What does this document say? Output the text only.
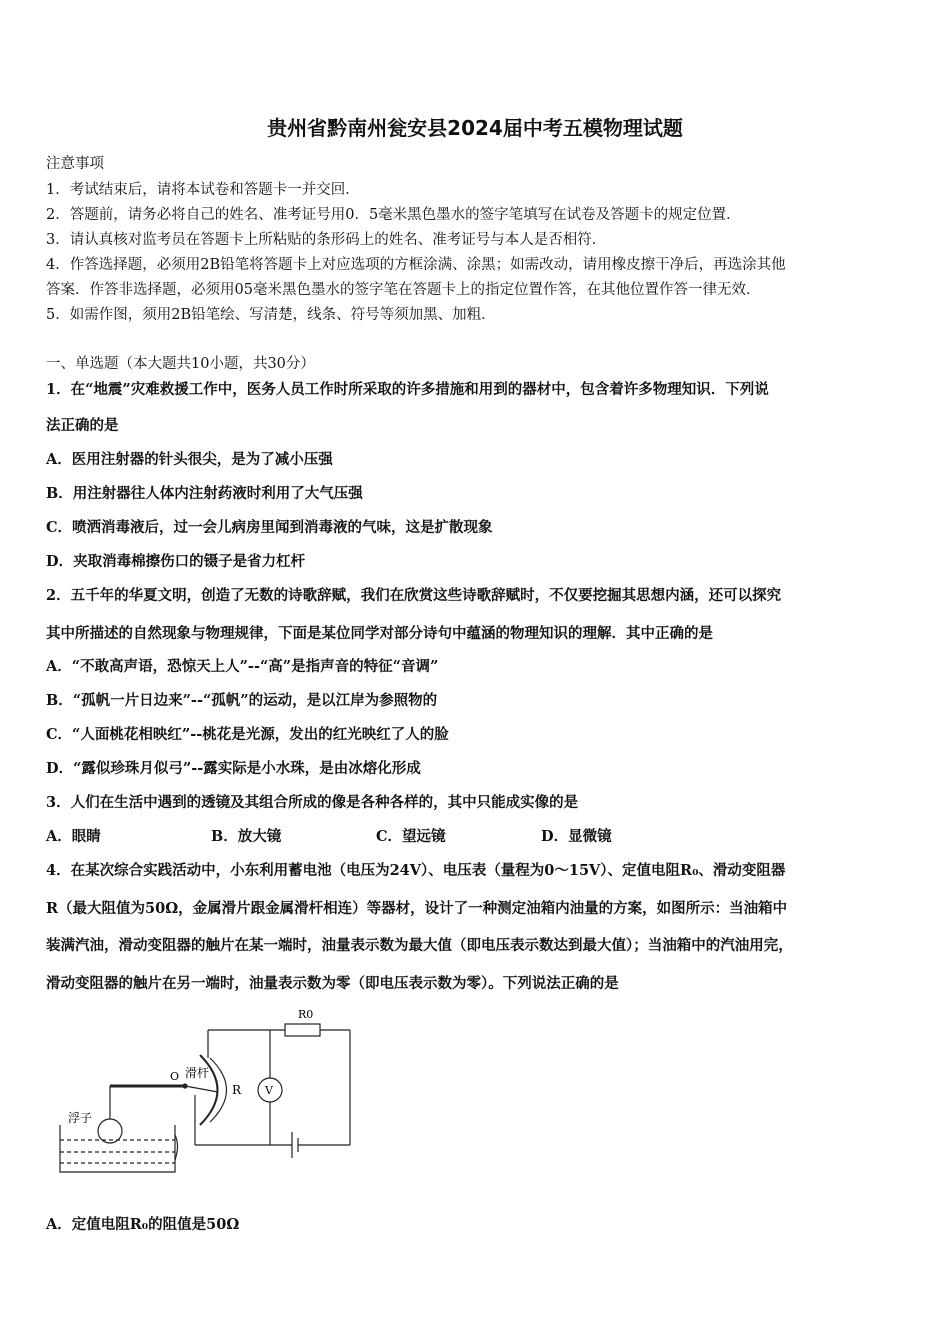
贵州省黔南州瓮安县2024届中考五模物理试题
注意事项
1．考试结束后，请将本试卷和答题卡一并交回．
2．答题前，请务必将自己的姓名、准考证号用0．5毫米黑色墨水的签字笔填写在试卷及答题卡的规定位置．
3．请认真核对监考员在答题卡上所粘贴的条形码上的姓名、准考证号与本人是否相符．
4．作答选择题，必须用2B铅笔将答题卡上对应选项的方框涂满、涂黑；如需改动，请用橡皮擦干净后，再选涂其他
答案．作答非选择题，必须用05毫米黑色墨水的签字笔在答题卡上的指定位置作答，在其他位置作答一律无效．
5．如需作图，须用2B铅笔绘、写清楚，线条、符号等须加黑、加粗．
一、单选题（本大题共10小题，共30分）
1．在“地震”灾难救援工作中，医务人员工作时所采取的许多措施和用到的器材中，包含着许多物理知识．下列说
法正确的是
A．医用注射器的针头很尖，是为了减小压强
B．用注射器往人体内注射药液时利用了大气压强
C．喷洒消毒液后，过一会儿病房里闻到消毒液的气味，这是扩散现象
D．夹取消毒棉擦伤口的镊子是省力杠杆
2．五千年的华夏文明，创造了无数的诗歌辞赋，我们在欣赏这些诗歌辞赋时，不仅要挖掘其思想内涵，还可以探究
其中所描述的自然现象与物理规律，下面是某位同学对部分诗句中蕴涵的物理知识的理解．其中正确的是
A．“不敢高声语，恐惊天上人”--“高”是指声音的特征“音调”
B．“孤帆一片日边来”--“孤帆”的运动，是以江岸为参照物的
C．“人面桃花相映红”--桃花是光源，发出的红光映红了人的脸
D．“露似珍珠月似弓”--露实际是小水珠，是由冰熔化形成
3．人们在生活中遇到的透镜及其组合所成的像是各种各样的，其中只能成实像的是
A．眼睛	B．放大镜	C．望远镜	D．显微镜
4．在某次综合实践活动中，小东利用蓄电池（电压为24V）、电压表（量程为0～15V）、定值电阻R₀、滑动变阻器
R（最大阻值为50Ω，金属滑片跟金属滑杆相连）等器材，设计了一种测定油箱内油量的方案，如图所示：当油箱中
装满汽油，滑动变阻器的触片在某一端时，油量表示数为最大值（即电压表示数达到最大值）；当油箱中的汽油用完，
滑动变阻器的触片在另一端时，油量表示数为零（即电压表示数为零）。下列说法正确的是
R0
O 滑杆
R V
浮子
A．定值电阻R₀的阻值是50Ω
